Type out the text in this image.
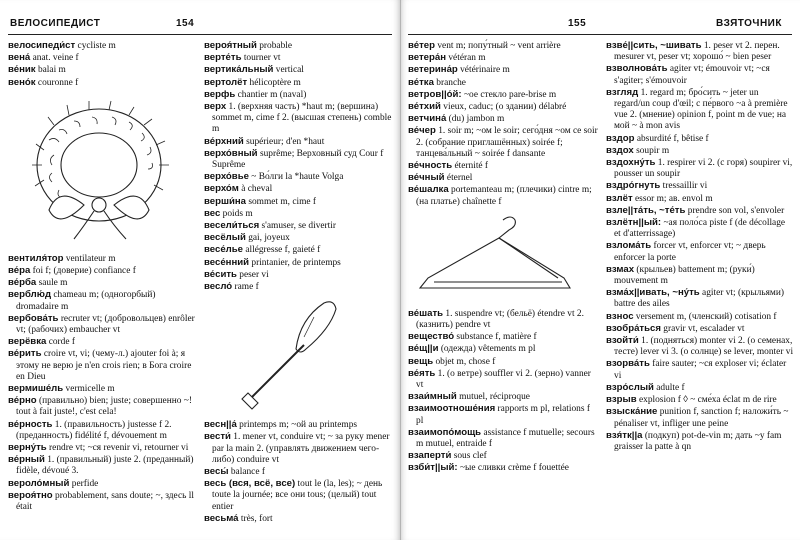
ВЕЛОСИПЕДИСТ	154
велосипеди́ст cycliste m
вена́ anat. veine f
ве́ник balai m
вено́к couronne f
вентиля́тор ventilateur m
ве́ра foi f; (доверие) confiance f
ве́рба saule m
верблю́д chameau m; (одногорбый) dromadaire m
вербова́ть recruter vt; (добровольцев) enrôler vt; (рабочих) embaucher vt
верёвка corde f
ве́рить croire vt, vi; (чему-л.) ajouter foi à; я этому не верю je n'en crois rien; в Бога croire en Dieu
вермише́ль vermicelle m
ве́рно (правильно) bien; juste; совершенно ~! tout à fait juste!, c'est cela!
ве́рность 1. (правильность) justesse f 2. (преданность) fidélité f, dévouement m
верну́ть rendre vt; ~ся revenir vi, retourner vi
ве́рный 1. (правильный) juste 2. (преданный) fidèle, dévoué 3.
вероло́мный perfide
вероя́тно probablement, sans doute; ~, здесь ll était
вероя́тный probable
верте́ть tourner vt
вертика́льный vertical
вертолёт hélicoptère m
верфь chantier m (naval)
верх 1. (верхняя часть) *haut m; (вершина) sommet m, cime f 2. (высшая степень) comble m
ве́рхний supérieur; d'en *haut
верхо́вный suprême; Верховный суд Cour f Suprême
верхо́вье ~ Во́лги la *haute Volga
верхо́м à cheval
верши́на sommet m, cime f
вес poids m
весели́ться s'amuser, se divertir
весёлый gai, joyeux
весе́лье allégresse f, gaieté f
весе́нний printanier, de printemps
ве́сить peser vi
весло́ rame f
весн||а́ printemps m; ~ой au printemps
вести́ 1. mener vt, conduire vt; ~ за руку mener par la main 2. (управлять движением чего-либо) conduire vt
весы́ balance f
весь (вся, всё, все) tout le (la, les); ~ день toute la journée; все они tous; (целый) tout entier
весьма́ très, fort
155	ВЗЯТОЧНИК
ве́тер vent m; попу́тный ~ vent arrière
ветера́н vétéran m
ветерина́р vétérinaire m
ве́тка branche
ветров||о́й: ~ое стекло pare-brise m
ве́тхий vieux, caduc; (о здании) délabré
ветчина́ (du) jambon m
ве́чер 1. soir m; ~ом le soir; сего́дня ~ом ce soir 2. (собрание приглашённых) soirée f; танцева́льный ~ soirée f dansante
ве́чность éternité f
ве́чный éternel
ве́шалка portemanteau m; (плечики) cintre m; (на платье) chaînette f
ве́шать 1. suspendre vt; (бельё) étendre vt 2. (казнить) pendre vt
вещество́ substance f, matière f
ве́щ||и (одежда) vêtements m pl
вещь objet m, chose f
ве́ять 1. (о ветре) souffler vi 2. (зерно) vanner vt
взаи́мный mutuel, réciproque
взаимоотноше́ния rapports m pl, relations f pl
взаимопо́мощь assistance f mutuelle; secours m mutuel, entraide f
взаперти́ sous clef
взби́т||ый: ~ые сливки crème f fouettée
взве́||сить, ~шивать 1. peser vt 2. перен. mesurer vt, peser vt; хорошо́ ~ bien peser
взволнова́ть agiter vt; émouvoir vt; ~ся s'agiter; s'émouvoir
взгляд 1. regard m; бро́сить ~ jeter un regard/un coup d'œil; с пе́рвого ~а à première vue 2. (мнение) opinion f, point m de vue; на мой ~ à mon avis
вздор absurdité f, bêtise f
вздох soupir m
вздохну́ть 1. respirer vi 2. (с горя) soupirer vi, pousser un soupir
вздро́гнуть tressaillir vi
взлёт essor m; ав. envol m
взле||та́ть, ~те́ть prendre son vol, s'envoler
взлётн||ый: ~ая поло́са piste f (de décollage et d'atterrissage)
взлома́ть forcer vt, enforcer vt; ~ дверь enforcer la porte
взмах (крыльев) battement m; (руки́) mouvement m
взма́х||ивать, ~ну́ть agiter vt; (крыльями) battre des ailes
взнос versement m, (членский) cotisation f
взобра́ться gravir vt, escalader vt
взойти́ 1. (подняться) monter vi 2. (о семенах, тесте) lever vi 3. (о солнце) se lever, monter vi
взорва́ть faire sauter; ~ся exploser vi; éclater vi
взро́слый adulte f
взрыв explosion f ◊ ~ сме́ха éclat m de rire
взыска́ние punition f, sanction f; наложи́ть ~ pénaliser vt, infliger une peine
взя́тк||а (подкуп) pot-de-vin m; дать ~у fam graisser la patte à qn
